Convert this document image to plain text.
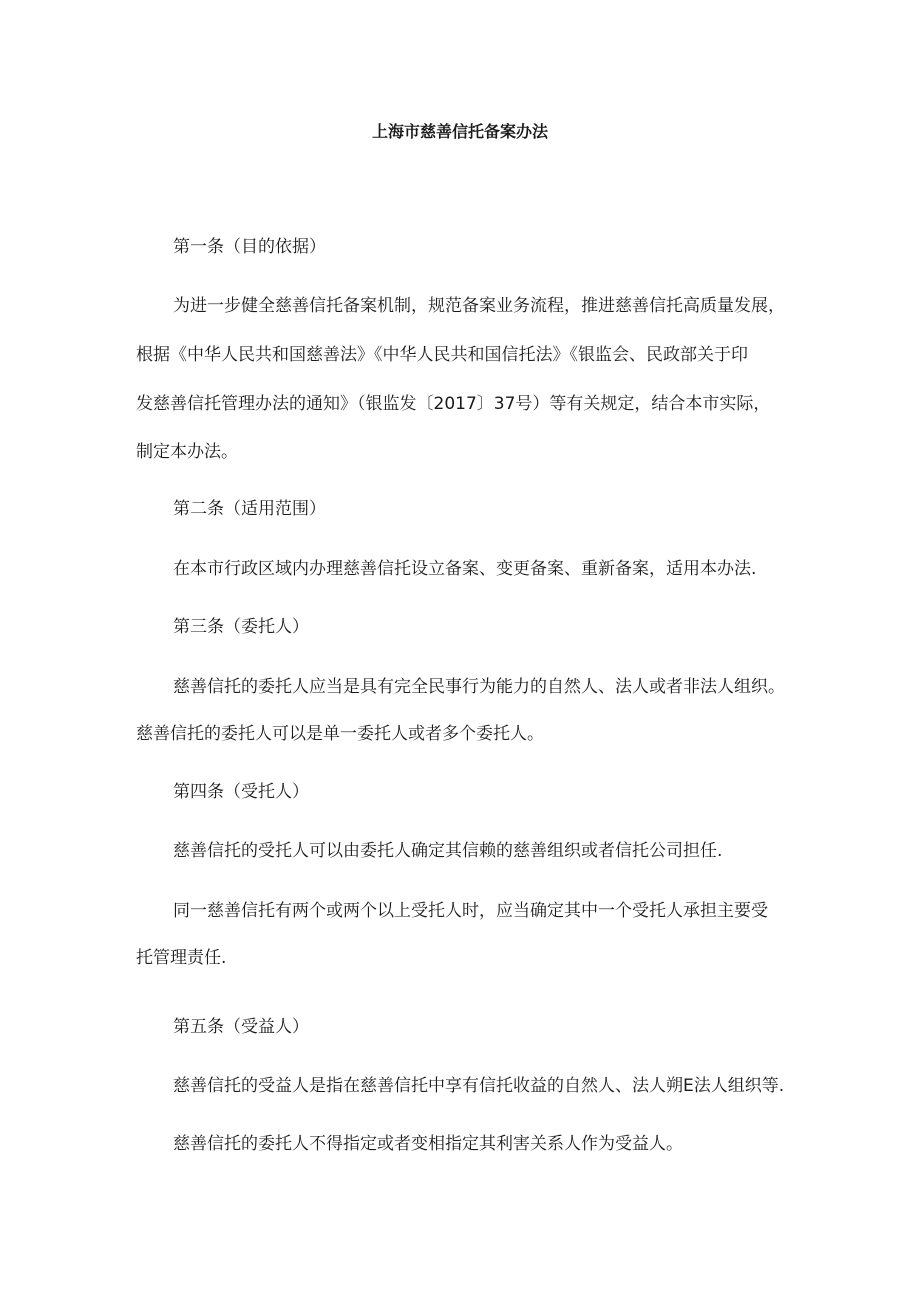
上海市慈善信托备案办法

第一条（目的依据）

为进一步健全慈善信托备案机制，规范备案业务流程，推进慈善信托高质量发展，

根据《中华人民共和国慈善法》《中华人民共和国信托法》《银监会、民政部关于印

发慈善信托管理办法的通知》（银监发〔2017〕37号）等有关规定，结合本市实际，

制定本办法。

第二条（适用范围）

在本市行政区域内办理慈善信托设立备案、变更备案、重新备案，适用本办法.

第三条（委托人）

慈善信托的委托人应当是具有完全民事行为能力的自然人、法人或者非法人组织。

慈善信托的委托人可以是单一委托人或者多个委托人。

第四条（受托人）

慈善信托的受托人可以由委托人确定其信赖的慈善组织或者信托公司担任.

同一慈善信托有两个或两个以上受托人时，应当确定其中一个受托人承担主要受

托管理责任.

第五条（受益人）

慈善信托的受益人是指在慈善信托中享有信托收益的自然人、法人朔E法人组织等.

慈善信托的委托人不得指定或者变相指定其利害关系人作为受益人。
